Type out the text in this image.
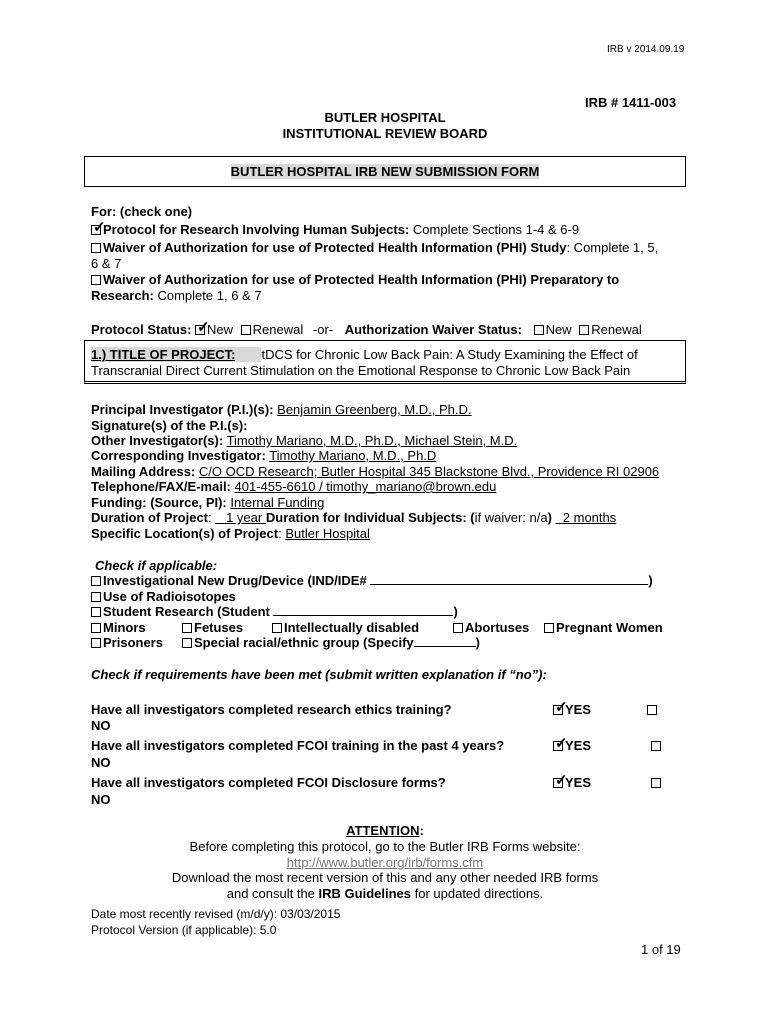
IRB v 2014.09.19
IRB # 1411-003
BUTLER HOSPITAL
INSTITUTIONAL REVIEW BOARD
BUTLER HOSPITAL IRB NEW SUBMISSION FORM
For: (check one)
✓Protocol for Research Involving Human Subjects: Complete Sections 1-4 & 6-9
Waiver of Authorization for use of Protected Health Information (PHI) Study: Complete 1, 5,
6 & 7
Waiver of Authorization for use of Protected Health Information (PHI) Preparatory to
Research: Complete 1, 6 & 7
Protocol Status: ✓ New Renewal -or- Authorization Waiver Status: New Renewal
1.) TITLE OF PROJECT: tDCS for Chronic Low Back Pain: A Study Examining the Effect of
Transcranial Direct Current Stimulation on the Emotional Response to Chronic Low Back Pain
Principal Investigator (P.I.)(s): Benjamin Greenberg, M.D., Ph.D.
Signature(s) of the P.I.(s):
Other Investigator(s): Timothy Mariano, M.D., Ph.D., Michael Stein, M.D.
Corresponding Investigator: Timothy Mariano, M.D., Ph.D
Mailing Address: C/O OCD Research; Butler Hospital 345 Blackstone Blvd., Providence RI 02906
Telephone/FAX/E-mail: 401-455-6610 / timothy_mariano@brown.edu
Funding: (Source, PI): Internal Funding
Duration of Project:    1 year Duration for Individual Subjects: (if waiver: n/a) 2 months
Specific Location(s) of Project: Butler Hospital
Check if applicable:
Investigational New Drug/Device (IND/IDE#	)
Use of Radioisotopes
Student Research (Student	)
Minors	Fetuses	Intellectually disabled	Abortuses	Pregnant Women
Prisoners	Special racial/ethnic group (Specify	)
Check if requirements have been met (submit written explanation if “no”):
Have all investigators completed research ethics training? ✓	YES
NO
Have all investigators completed FCOI training in the past 4 years? ✓	YES
NO
Have all investigators completed FCOI Disclosure forms? ✓	YES
NO
ATTENTION:
Before completing this protocol, go to the Butler IRB Forms website:
http://www.butler.org/irb/forms.cfm
Download the most recent version of this and any other needed IRB forms
and consult the IRB Guidelines for updated directions.
Date most recently revised (m/d/y): 03/03/2015
Protocol Version (if applicable): 5.0
1 of 19
